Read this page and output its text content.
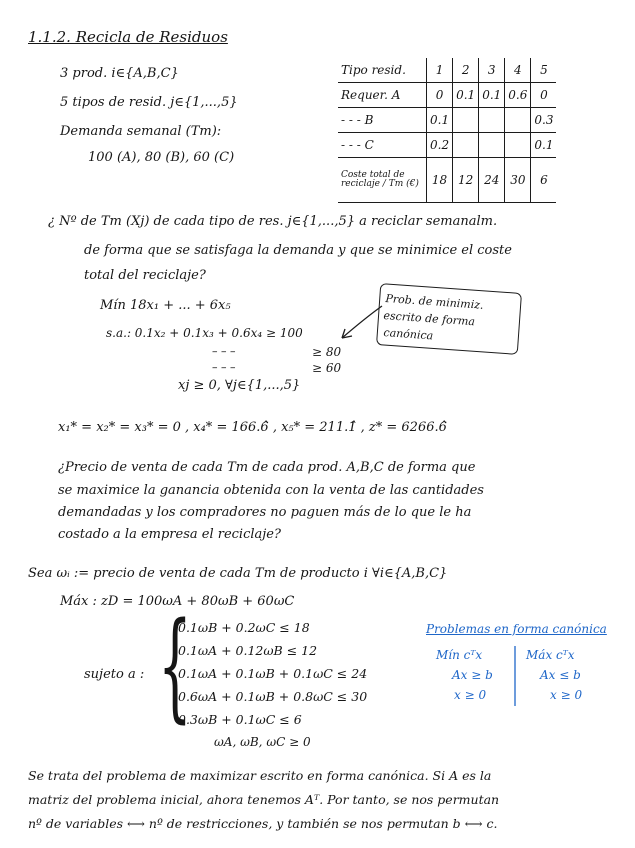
1.1.2. Recicla de Residuos
3 prod. i∈{A,B,C}
5 tipos de resid. j∈{1,...,5}
Demanda semanal (Tm):
100 (A), 80 (B), 60 (C)
Tipo resid.	1	2	3	4	5
Requer. A	0	0.1	0.1	0.6	0
- - - B	0.1				0.3
- - - C	0.2				0.1
Coste total de reciclaje / Tm (€)	18	12	24	30	6
¿ Nº de Tm (Xj) de cada tipo de res. j∈{1,...,5} a reciclar semanalm.
de forma que se satisfaga la demanda y que se minimice el coste
total del reciclaje?
Mín 18x₁ + ... + 6x₅
s.a.: 0.1x₂ + 0.1x₃ + 0.6x₄ ≥ 100
– – –	≥ 80
– – –	≥ 60
xj ≥ 0, ∀j∈{1,...,5}
Prob. de minimiz.
escrito de forma
canónica
x₁* = x₂* = x₃* = 0 , x₄* = 166.6̂ , x₅* = 211.1̂ , z* = 6266.6̂
¿Precio de venta de cada Tm de cada prod. A,B,C de forma que
se maximice la ganancia obtenida con la venta de las cantidades
demandadas y los compradores no paguen más de lo que le ha
costado a la empresa el reciclaje?
Sea ωᵢ := precio de venta de cada Tm de producto i ∀i∈{A,B,C}
Máx : zD = 100ωA + 80ωB + 60ωC
sujeto a : {
0.1ωB + 0.2ωC ≤ 18
0.1ωA + 0.12ωB ≤ 12
0.1ωA + 0.1ωB + 0.1ωC ≤ 24
0.6ωA + 0.1ωB + 0.8ωC ≤ 30
0.3ωB + 0.1ωC ≤ 6
ωA, ωB, ωC ≥ 0
Problemas en forma canónica
Mín cᵀx
Ax ≥ b
x ≥ 0
Máx cᵀx
Ax ≤ b
x ≥ 0
Se trata del problema de maximizar escrito en forma canónica. Si A es la
matriz del problema inicial, ahora tenemos Aᵀ. Por tanto, se nos permutan
nº de variables ⟷ nº de restricciones, y también se nos permutan b ⟷ c.
